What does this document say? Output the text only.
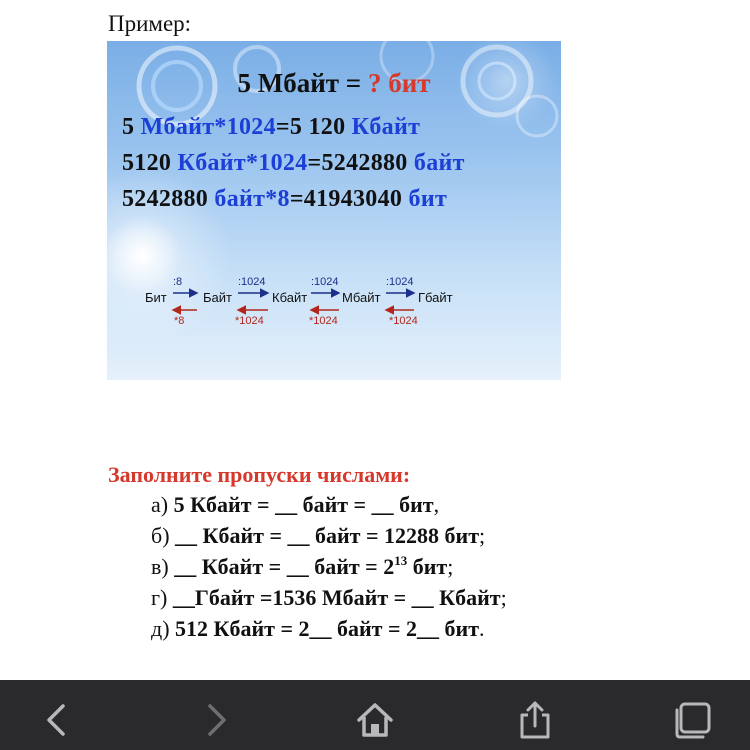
Пример:
5 Мбайт = ? бит
5 Мбайт*1024=5 120 Кбайт
5120 Кбайт*1024=5242880 байт
5242880 байт*8=41943040 бит
Бит	Байт	Кбайт	Мбайт	Гбайт
:8	:1024	:1024	:1024
*8	*1024	*1024	*1024
Заполните пропуски числами:
а) 5 Кбайт = __ байт = __ бит,
б) __ Кбайт = __ байт = 12288 бит;
в) __ Кбайт = __ байт = $2^{13}$ бит;
г) __Гбайт =1536 Мбайт = __ Кбайт;
д) 512 Кбайт = 2__ байт = 2__ бит.
